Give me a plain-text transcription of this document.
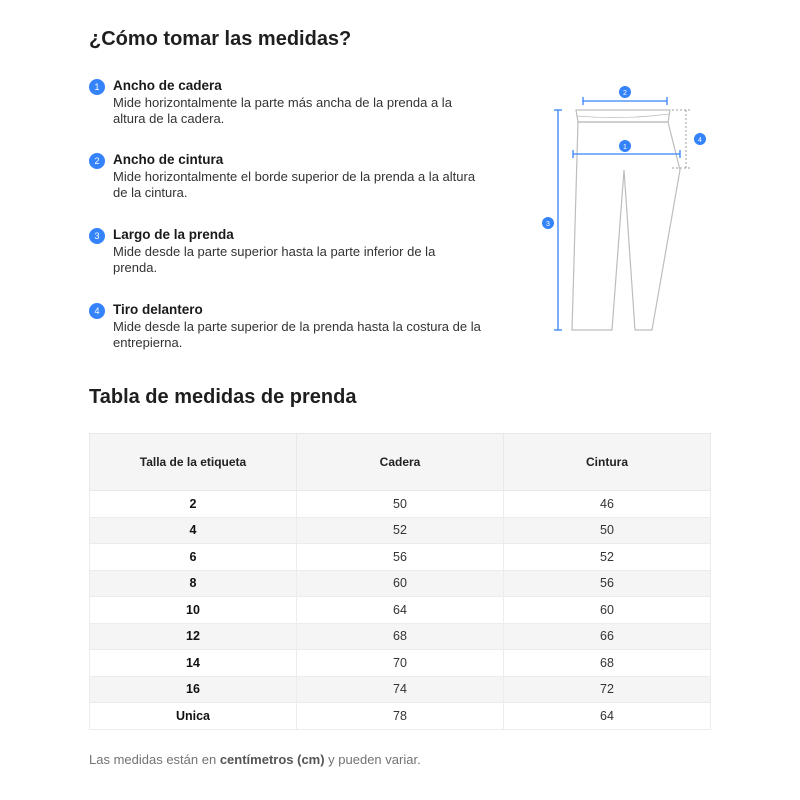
¿Cómo tomar las medidas?
1	Ancho de cadera
Mide horizontalmente la parte más ancha de la prenda a la altura de la cadera.
2	Ancho de cintura
Mide horizontalmente el borde superior de la prenda a la altura de la cintura.
3	Largo de la prenda
Mide desde la parte superior hasta la parte inferior de la prenda.
4	Tiro delantero
Mide desde la parte superior de la prenda hasta la costura de la entrepierna.
1
2
3
4
Tabla de medidas de prenda
Talla de la etiqueta	Cadera	Cintura
2	50	46
4	52	50
6	56	52
8	60	56
10	64	60
12	68	66
14	70	68
16	74	72
Unica	78	64
Las medidas están en centímetros (cm) y pueden variar.
